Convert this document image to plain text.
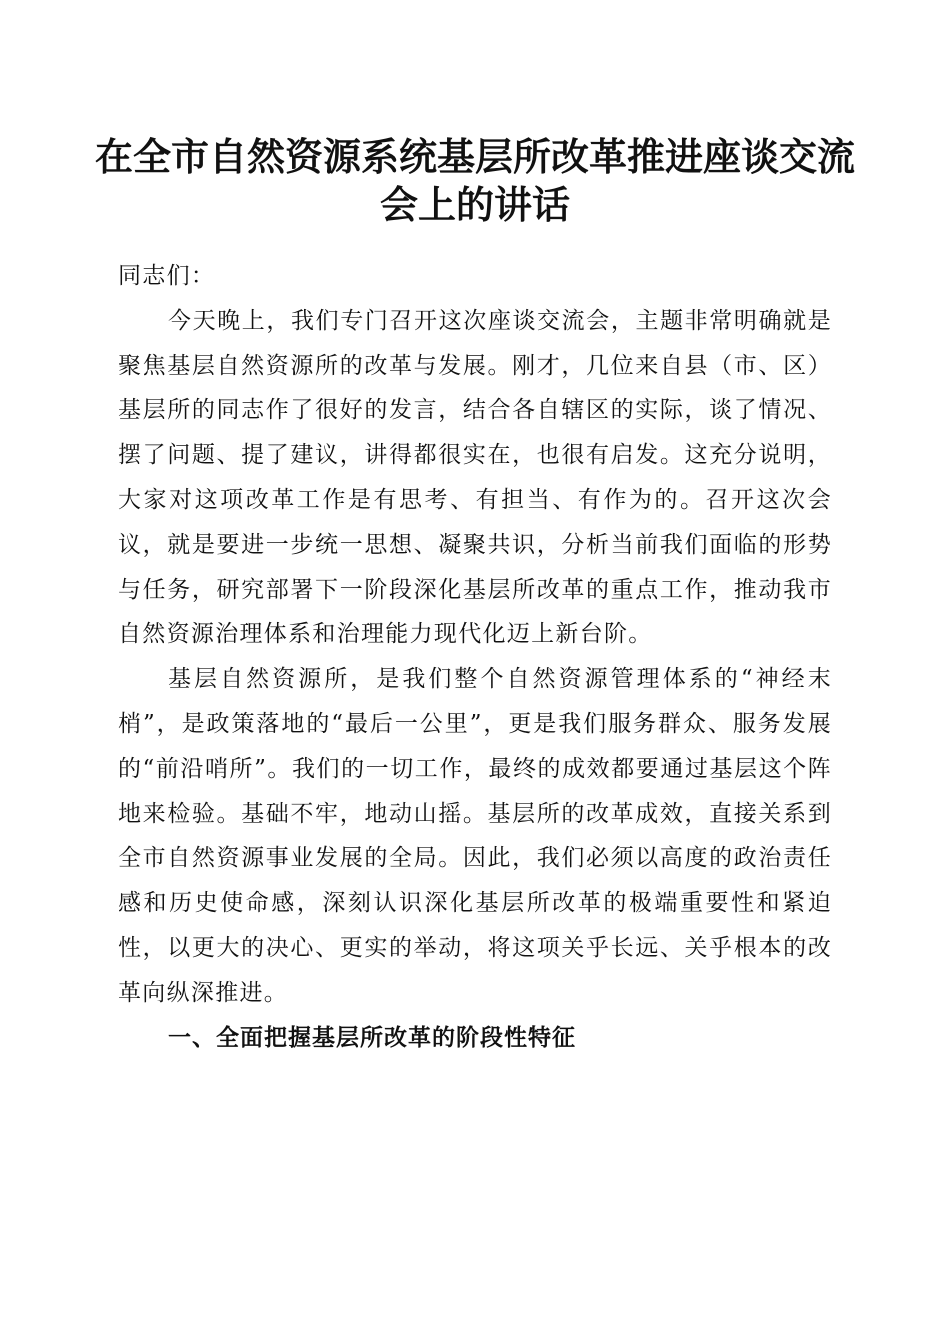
在全市自然资源系统基层所改革推进座谈交流
会上的讲话

同志们：

今天晚上，我们专门召开这次座谈交流会，主题非常明确就是聚焦基层自然资源所的改革与发展。刚才，几位来自县（市、区）基层所的同志作了很好的发言，结合各自辖区的实际，谈了情况、摆了问题、提了建议，讲得都很实在，也很有启发。这充分说明，大家对这项改革工作是有思考、有担当、有作为的。召开这次会议，就是要进一步统一思想、凝聚共识，分析当前我们面临的形势与任务，研究部署下一阶段深化基层所改革的重点工作，推动我市自然资源治理体系和治理能力现代化迈上新台阶。

基层自然资源所，是我们整个自然资源管理体系的“神经末梢”，是政策落地的“最后一公里”，更是我们服务群众、服务发展的“前沿哨所”。我们的一切工作，最终的成效都要通过基层这个阵地来检验。基础不牢，地动山摇。基层所的改革成效，直接关系到全市自然资源事业发展的全局。因此，我们必须以高度的政治责任感和历史使命感，深刻认识深化基层所改革的极端重要性和紧迫性，以更大的决心、更实的举动，将这项关乎长远、关乎根本的改革向纵深推进。

一、全面把握基层所改革的阶段性特征
